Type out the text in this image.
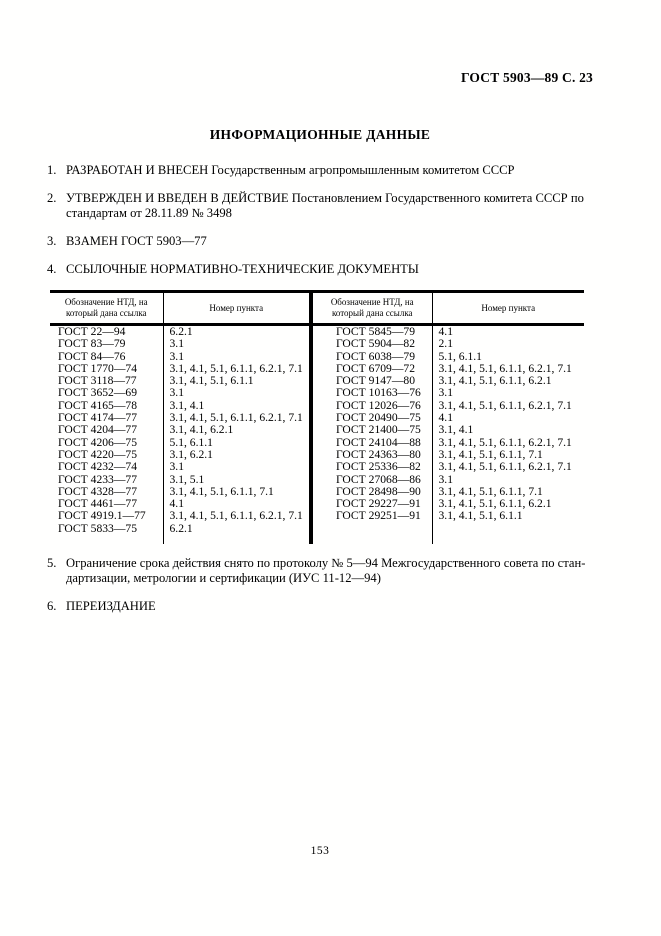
ГОСТ 5903—89 С. 23
ИНФОРМАЦИОННЫЕ ДАННЫЕ
1. РАЗРАБОТАН И ВНЕСЕН Государственным агропромышленным комитетом СССР
2. УТВЕРЖДЕН И ВВЕДЕН В ДЕЙСТВИЕ Постановлением Государственного комитета СССР по стандартам от 28.11.89 № 3498
3. ВЗАМЕН ГОСТ 5903—77
4. ССЫЛОЧНЫЕ НОРМАТИВНО-ТЕХНИЧЕСКИЕ ДОКУМЕНТЫ
Обозначение НТД, на который дана ссылка	Номер пункта	Обозначение НТД, на который дана ссылка	Номер пункта
ГОСТ 22—94	6.2.1	ГОСТ 5845—79	4.1
ГОСТ 83—79	3.1	ГОСТ 5904—82	2.1
ГОСТ 84—76	3.1	ГОСТ 6038—79	5.1, 6.1.1
ГОСТ 1770—74	3.1, 4.1, 5.1, 6.1.1, 6.2.1, 7.1	ГОСТ 6709—72	3.1, 4.1, 5.1, 6.1.1, 6.2.1, 7.1
ГОСТ 3118—77	3.1, 4.1, 5.1, 6.1.1	ГОСТ 9147—80	3.1, 4.1, 5.1, 6.1.1, 6.2.1
ГОСТ 3652—69	3.1	ГОСТ 10163—76	3.1
ГОСТ 4165—78	3.1, 4.1	ГОСТ 12026—76	3.1, 4.1, 5.1, 6.1.1, 6.2.1, 7.1
ГОСТ 4174—77	3.1, 4.1, 5.1, 6.1.1, 6.2.1, 7.1	ГОСТ 20490—75	4.1
ГОСТ 4204—77	3.1, 4.1, 6.2.1	ГОСТ 21400—75	3.1, 4.1
ГОСТ 4206—75	5.1, 6.1.1	ГОСТ 24104—88	3.1, 4.1, 5.1, 6.1.1, 6.2.1, 7.1
ГОСТ 4220—75	3.1, 6.2.1	ГОСТ 24363—80	3.1, 4.1, 5.1, 6.1.1, 7.1
ГОСТ 4232—74	3.1	ГОСТ 25336—82	3.1, 4.1, 5.1, 6.1.1, 6.2.1, 7.1
ГОСТ 4233—77	3.1, 5.1	ГОСТ 27068—86	3.1
ГОСТ 4328—77	3.1, 4.1, 5.1, 6.1.1, 7.1	ГОСТ 28498—90	3.1, 4.1, 5.1, 6.1.1, 7.1
ГОСТ 4461—77	4.1	ГОСТ 29227—91	3.1, 4.1, 5.1, 6.1.1, 6.2.1
ГОСТ 4919.1—77	3.1, 4.1, 5.1, 6.1.1, 6.2.1, 7.1	ГОСТ 29251—91	3.1, 4.1, 5.1, 6.1.1
ГОСТ 5833—75	6.2.1		

5. Ограничение срока действия снято по протоколу № 5—94 Межгосударственного совета по стандартизации, метрологии и сертификации (ИУС 11-12—94)
6. ПЕРЕИЗДАНИЕ
153
